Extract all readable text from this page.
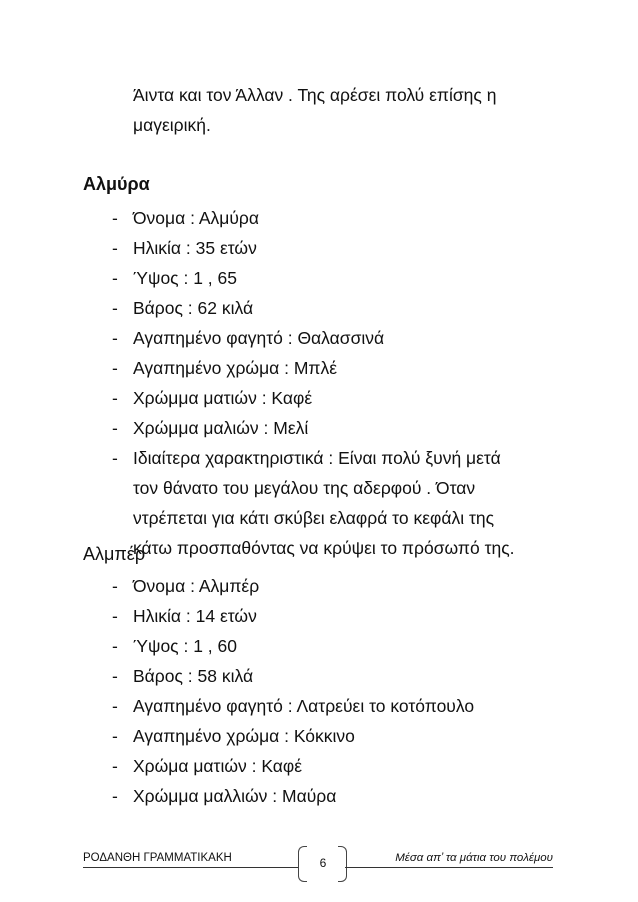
Άιντα και τον Άλλαν . Της αρέσει πολύ επίσης η
μαγειρική.
Αλμύρα
- Όνομα : Αλμύρα
- Ηλικία : 35 ετών
- Ύψος : 1 , 65
- Βάρος : 62 κιλά
- Αγαπημένο φαγητό : Θαλασσινά
- Αγαπημένο χρώμα : Μπλέ
- Χρώμμα ματιών : Καφέ
- Χρώμμα μαλιών : Μελί
- Ιδιαίτερα χαρακτηριστικά : Είναι πολύ ξυνή μετά
τον θάνατο του μεγάλου της αδερφού . Όταν
ντρέπεται για κάτι σκύβει ελαφρά το κεφάλι της
κάτω προσπαθόντας να κρύψει το πρόσωπό της.
Αλμπέρ
- Όνομα : Αλμπέρ
- Ηλικία : 14 ετών
- Ύψος : 1 , 60
- Βάρος : 58 κιλά
- Αγαπημένο φαγητό : Λατρεύει το κοτόπουλο
- Αγαπημένο χρώμα : Κόκκινο
- Χρώμα ματιών : Καφέ
- Χρώμμα μαλλιών : Μαύρα
ΡΟΔΑΝΘΗ ΓΡΑΜΜΑΤΙΚΑΚΗ	6	Μέσα απ’ τα μάτια του πολέμου
